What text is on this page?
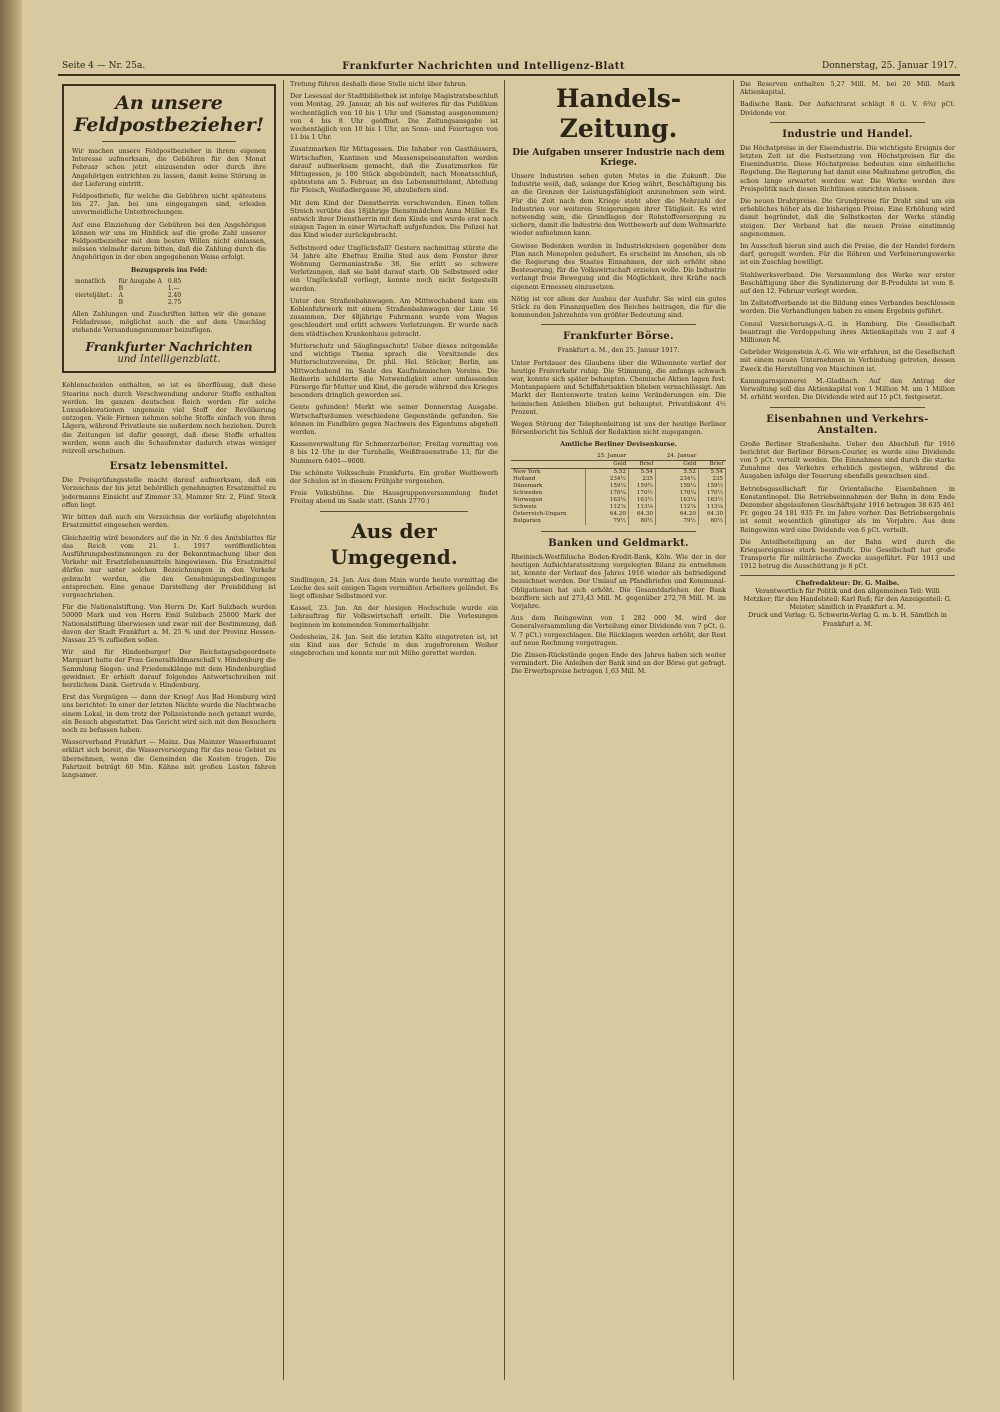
Seite 4 — Nr. 25a.	Frankfurter Nachrichten und Intelligenz-Blatt	Donnerstag, 25. Januar 1917.
An unsere Feldpostbezieher!

Wir machen unsere Feldpostbezieher in ihrem eigenen Interesse aufmerksam, die Gebühren für den Monat Februar schon jetzt einzusenden oder durch ihre Angehörigen entrichten zu lassen, damit keine Störung in der Lieferung eintritt.

Feldpostbriefe, für welche die Gebühren nicht spätestens bis 27. Jan. bei uns eingegangen sind, erleiden unvermeidliche Unterbrechungen.

Auf eine Einziehung der Gebühren bei den Angehörigen können wir uns im Hinblick auf die große Zahl unserer Feldpostbezieher mit dem besten Willen nicht einlassen, müssen vielmehr darum bitten, daß die Zahlung durch die Angehörigen in der oben angegebenen Weise erfolgt.

Bezugspreis ins Feld:
monatlich	für Ausgabe A	0.85
	B	1.—
vierteljährl.:	A	2.40
	B	2.75

Allen Zahlungen und Zuschriften bitten wir die genaue Feldadresse, möglichst auch die auf dem Umschlag stehende Versandungsnummer beizufügen.

Frankfurter Nachrichten
und Intelligenzblatt.

Kohlenscheiden enthalten, so ist es überflüssig, daß diese Stearins noch durch Verschwendung anderer Stoffe enthalten werden. Im ganzen deutschen Reich werden für solche Luxusdekorationen ungemein viel Stoff der Bevölkerung entzogen. Viele Firmen nehmen solche Stoffe einfach von ihren Lägern, während Privatleute sie außerdem noch beziehen. Durch die Zeitungen ist dafür gesorgt, daß diese Stoffe erhalten werden, wenn auch die Schaufenster dadurch etwas weniger reizvoll erscheinen.

Ersatz lebensmittel.

Die Preisprüfungsstelle macht darauf aufmerksam, daß ein Verzeichnis der bis jetzt behördlich genehmigten Ersatzmittel zu jedermanns Einsicht auf Zimmer 33, Mainzer Str. 2, Fünf. Stock offen liegt.

Wir bitten daß auch ein Verzeichnis der vorläufig abgelehnten Ersatzmittel eingesehen werden.

Gleichzeitig wird besonders auf die in Nr. 6 des Amtsblattes für das Reich vom 21. 1. 1917 veröffentlichten Ausführungsbestimmungen zu der Bekanntmachung über den Verkehr mit Ersatzlebensmitteln hingewiesen. Die Ersatzmittel dürfen nur unter solchen Bezeichnungen in den Verkehr gebracht werden, die den Genehmigungsbedingungen entsprechen. Eine genaue Darstellung der Preisbildung ist vorgeschrieben.

Für die Nationalstiftung. Von Herrn Dr. Karl Sulzbach wurden 50000 Mark und von Herrn Emil Sulzbach 25000 Mark der Nationalstiftung überwiesen und zwar mit der Bestimmung, daß davon der Stadt Frankfurt a. M. 25 % und der Provinz Hessen-Nassau 25 % zufließen sollen.

Wir sind für Hindenburger! Der Reichstagsabgeordnete Marquart hatte der Frau Generalfeldmarschall v. Hindenburg die Sammlung Siegen- und Friedensklänge mit dem Hindenburglied gewidmet. Er erhielt darauf folgendes Antwortschreiben mit herzlichem Dank. Gertrude v. Hindenburg.

Erst das Vergnügen — dann der Krieg! Aus Bad Homburg wird uns berichtet: In einer der letzten Nächte wurde die Nachtwache einem Lokal, in dem trotz der Polizeistunde noch getanzt wurde, ein Besuch abgestattet. Das Gericht wird sich mit den Besuchern noch zu befassen haben.

Wasserverband Frankfurt — Mainz. Das Mainzer Wasserbauamt erklärt sich bereit, die Wasserversorgung für das neue Gebiet zu übernehmen, wenn die Gemeinden die Kosten tragen. Die Fahrtzeit beträgt 60 Min. Kähne mit großen Lasten fahren langsamer.

Tretung führen deshalb diese Stelle nicht über fahren.

Der Lesesaal der Stadtbibliothek ist infolge Magistratsbeschluß vom Montag, 29. Januar, ab bis auf weiteres für das Publikum wochentäglich von 10 bis 1 Uhr und (Samstag ausgenommen) von 4 bis 8 Uhr geöffnet. Die Zeitungsausgabe ist wochentäglich von 10 bis 1 Uhr, an Sonn- und Feiertagen von 11 bis 1 Uhr.

Zusatzmarken für Mittagessen. Die Inhaber von Gasthäusern, Wirtschaften, Kantinen und Massenspeiseanstalten werden darauf aufmerksam gemacht, daß die Zusatzmarken für Mittagessen, je 100 Stück abgebündelt, nach Monatsschluß, spätestens am 5. Februar, an das Lebensmittelamt, Abteilung für Fleisch, Weißadlergasse 36, abzuliefern sind.

Mit dem Kind der Dienstherrin verschwunden. Einen tollen Streich verübte das 18jährige Dienstmädchen Anna Müller. Es entwich ihrer Dienstherrin mit dem Kinde und wurde erst nach einigen Tagen in einer Wirtschaft aufgefunden. Die Polizei hat das Kind wieder zurückgebracht.

Selbstmord oder Unglücksfall? Gestern nachmittag stürzte die 34 Jahre alte Ehefrau Emilie Steil aus dem Fenster ihrer Wohnung Germaniastraße 38. Sie erlitt so schwere Verletzungen, daß sie bald darauf starb. Ob Selbstmord oder ein Unglücksfall vorliegt, konnte noch nicht festgestellt werden.

Unter den Straßenbahnwagen. Am Mittwochabend kam ein Kohlenfuhrwerk mit einem Straßenbahnwagen der Linie 16 zusammen. Der 48jährige Fuhrmann wurde vom Wagen geschleudert und erlitt schwere Verletzungen. Er wurde nach dem städtischen Krankenhaus gebracht.

Mutterschutz und Säuglingsschutz! Ueber dieses zeitgemäße und wichtige Thema sprach die Vorsitzende des Mutterschutzvereins, Dr. phil. Hel. Stöcker, Berlin, am Mittwochabend im Saale des Kaufmännischen Vereins. Die Rednerin schilderte die Notwendigkeit einer umfassenden Fürsorge für Mutter und Kind, die gerade während des Krieges besonders dringlich geworden sei.

Gente gefunden! Merkt wie seiner Donnerstag Ausgabe. Wirtschaftsräumen verschiedene Gegenstände gefunden. Sie können im Fundbüro gegen Nachweis des Eigentums abgeholt werden.

Kassenverwaltung für Schmerzarbeiter; Freitag vormittag von 8 bis 12 Uhr in der Turnhalle, Weißfrauenstraße 13, für die Nummern 6401—9000.

Die schönste Volksschule Frankfurts. Ein großer Weitbewerb der Schulen ist in diesem Frühjahr vorgesehen.

Freie Volksbühne. Die Hausgruppenversammlung findet Freitag abend im Saale statt. (Sanis 2770.)

Aus der Umgegend.

Sindlingen, 24. Jan. Aus dem Main wurde heute vormittag die Leiche des seit einigen Tagen vermißten Arbeiters geländet. Es liegt offenbar Selbstmord vor.

Kassel, 23. Jan. An der hiesigen Hochschule wurde ein Lehrauftrag für Volkswirtschaft erteilt. Die Vorlesungen beginnen im kommenden Sommerhalbjahr.

Oedesheim, 24. Jan. Seit die letzten Kälte eingetreten ist, ist ein Kind aus der Schule in den zugefrorenen Weiher eingebrochen und konnte nur mit Mühe gerettet werden.

Handels-Zeitung.
Die Aufgaben unserer Industrie nach dem Kriege.

Unsere Industrien sehen guten Mutes in die Zukunft. Die Industrie weiß, daß, solange der Krieg währt, Beschäftigung bis an die Grenzen der Leistungsfähigkeit anzunehmen sein wird. Für die Zeit nach dem Kriege steht aber die Mehrzahl der Industrien vor weiteren Steigerungen ihrer Tätigkeit. Es wird notwendig sein, die Grundlagen der Rohstoffversorgung zu sichern, damit die Industrie den Wettbewerb auf dem Weltmarkte wieder aufnehmen kann.

Gewisse Bedenken werden in Industriekreisen gegenüber dem Plan nach Monopolen geäußert. Es erscheint im Ansehen, als ob die Regierung des Staates Einnahmen, der sich erhöht ohne Besteuerung, für die Volkswirtschaft erzielen wolle. Die Industrie verlangt freie Bewegung und die Möglichkeit, ihre Kräfte nach eigenem Ermessen einzusetzen.

Nötig ist vor allem der Ausbau der Ausfuhr. Sie wird ein gutes Stück zu den Finanzquellen des Reiches beitragen, die für die kommenden Jahrzehnte von größter Bedeutung sind.

Frankfurter Börse.

Frankfurt a. M., den 25. Januar 1917.

Unter Fortdauer des Glaubens über die Wilsonnote verlief der heutige Freiverkehr ruhig. Die Stimmung, die anfangs schwach war, konnte sich später behaupten. Chemische Aktien lagen fest. Montanpapiere und Schiffahrtsaktien blieben vernachlässigt. Am Markt der Rentenwerte traten keine Veränderungen ein. Die heimischen Anleihen blieben gut behauptet. Privatdiskont 4½ Prozent.

Wegen Störung der Telephonleitung ist uns der heutige Berliner Börsenbericht bis Schluß der Redaktion nicht zugegangen.

Amtliche Berliner Devisenkurse.
	25. Januar		24. Januar	
	Geld	Brief	Geld	Brief
New York	5.52	5.54	5.52	5.54
Holland	234½	235	234½	235
Dänemark	159¼	159½	159¼	159½
Schweden	170¼	170½	170¼	170½
Norwegen	163¼	163½	163¼	163½
Schweiz	112⅞	113⅛	112⅞	113⅛
Österreich-Ungarn	64.20	64.30	64.20	64.30
Bulgarien	79½	80½	79½	80½
Banken und Geldmarkt.

Rheinisch-Westfälische Boden-Kredit-Bank, Köln. Wie der in der heutigen Aufsichtsratssitzung vorgelegten Bilanz zu entnehmen ist, konnte der Verlauf des Jahres 1916 wieder als befriedigend bezeichnet werden. Der Umlauf an Pfandbriefen und Kommunal-Obligationen hat sich erhöht. Die Gesamtdarlehen der Bank beziffern sich auf 273,43 Mill. M. gegenüber 272,78 Mill. M. im Vorjahre.

Aus dem Reingewinn von 1 282 000 M. wird der Generalversammlung die Verteilung einer Dividende von 7 pCt. (i. V. 7 pCt.) vorgeschlagen. Die Rücklagen werden erhöht, der Rest auf neue Rechnung vorgetragen.

Die Zinsen-Rückstände gegen Ende des Jahres haben sich weiter vermindert. Die Anleihen der Bank sind an der Börse gut gefragt. Die Erwerbspreise betragen 1,63 Mill. M.

Die Reserven enthalten 5,27 Mill. M. bei 20 Mill. Mark Aktienkapital.

Badische Bank. Der Aufsichtsrat schlägt 8 (i. V. 6¾) pCt. Dividende vor.

Industrie und Handel.

Die Höchstpreise in der Eiseindustrie. Die wichtigste Ereignis der letzten Zeit ist die Festsetzung von Höchstpreisen für die Eisenindustrie. Diese Höchstpreise bedeuten eine einheitliche Regelung. Die Regierung hat damit eine Maßnahme getroffen, die schon lange erwartet worden war. Die Werke werden ihre Preispolitik nach diesen Richtlinien einrichten müssen.

Die neuen Drahtpreise. Die Grundpreise für Draht sind um ein erhebliches höher als die bisherigen Preise. Eine Erhöhung wird damit begründet, daß die Selbstkosten der Werke ständig steigen. Der Verband hat die neuen Preise einstimmig angenommen.

Im Ausschuß hieran sind auch die Preise, die der Handel fordern darf, geregelt worden. Für die Röhren und Verfeinerungswerke ist ein Zuschlag bewilligt.

Stahlwerksverband. Die Versammlung des Werke war erster Beschäftigung über die Syndizierung der B-Produkte ist vom 8. auf den 12. Februar verlegt worden.

Im Zellstoffverbande ist die Bildung eines Verbandes beschlossen worden. Die Verhandlungen haben zu einem Ergebnis geführt.

Consul Versicherungs-A.-G. in Hamburg. Die Gesellschaft beantragt die Verdoppelung ihres Aktienkapitals von 2 auf 4 Millionen M.

Gebrüder Weigenstein A.-G. Wie wir erfahren, ist die Gesellschaft mit einem neuen Unternehmen in Verbindung getreten, dessen Zweck die Herstellung von Maschinen ist.

Kammgarnspinnerei M.-Gladbach. Auf den Antrag der Verwaltung soll das Aktienkapital von 1 Million M. um 1 Million M. erhöht werden. Die Dividende wird auf 15 pCt. festgesetzt.

Eisenbahnen und Verkehrs-Anstalten.

Große Berliner Straßenbahn. Ueber den Abschluß für 1916 berichtet der Berliner Börsen-Courier, es werde eine Dividende von 5 pCt. verteilt werden. Die Einnahmen sind durch die starke Zunahme des Verkehrs erheblich gestiegen, während die Ausgaben infolge der Teuerung ebenfalls gewachsen sind.

Betriebsgesellschaft für Orientalische Eisenbahnen in Konstantinopel. Die Betriebseinnahmen der Bahn in dem Ende Dezember abgelaufenen Geschäftsjahr 1916 betragen 38 635 461 Fr. gegen 24 181 935 Fr. im Jahre vorher. Das Betriebsergebnis ist somit wesentlich günstiger als im Vorjahre. Aus dem Reingewinn wird eine Dividende von 6 pCt. verteilt.

Die Anteilbeteiligung an der Bahn wird durch die Kriegsereignisse stark beeinflußt. Die Gesellschaft hat große Transporte für militärische Zwecke ausgeführt. Für 1913 und 1912 betrug die Ausschüttung je 8 pCt.

Chefredakteur: Dr. G. Maibe.
Verantwortlich für Politik und den allgemeinen Teil: Willi Metzker; für den Handelsteil: Karl Ruß; für den Anzeigenteil: G. Meister, sämtlich in Frankfurt a. M.
Druck und Verlag: G. Schwerin-Verlag G. m. b. H. Sämtlich in Frankfurt a. M.
